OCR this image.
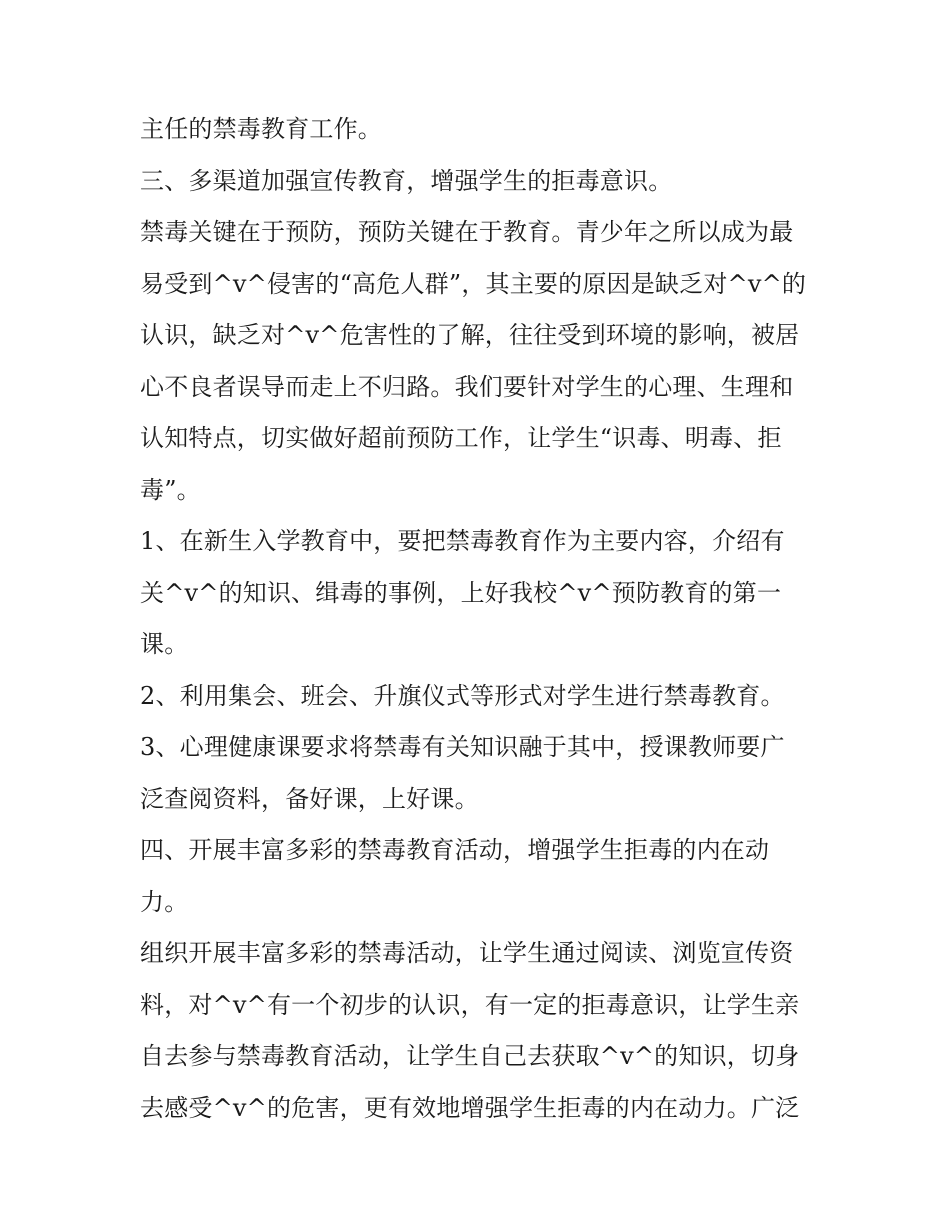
主任的禁毒教育工作。
三、多渠道加强宣传教育，增强学生的拒毒意识。
禁毒关键在于预防，预防关键在于教育。青少年之所以成为最
易受到^v^侵害的“高危人群”，其主要的原因是缺乏对^v^的
认识，缺乏对^v^危害性的了解，往往受到环境的影响，被居
心不良者误导而走上不归路。我们要针对学生的心理、生理和
认知特点，切实做好超前预防工作，让学生“识毒、明毒、拒
毒”。
1、在新生入学教育中，要把禁毒教育作为主要内容，介绍有
关^v^的知识、缉毒的事例，上好我校^v^预防教育的第一
课。
2、利用集会、班会、升旗仪式等形式对学生进行禁毒教育。
3、心理健康课要求将禁毒有关知识融于其中，授课教师要广
泛查阅资料，备好课，上好课。
四、开展丰富多彩的禁毒教育活动，增强学生拒毒的内在动
力。
组织开展丰富多彩的禁毒活动，让学生通过阅读、浏览宣传资
料，对^v^有一个初步的认识，有一定的拒毒意识，让学生亲
自去参与禁毒教育活动，让学生自己去获取^v^的知识，切身
去感受^v^的危害，更有效地增强学生拒毒的内在动力。广泛
